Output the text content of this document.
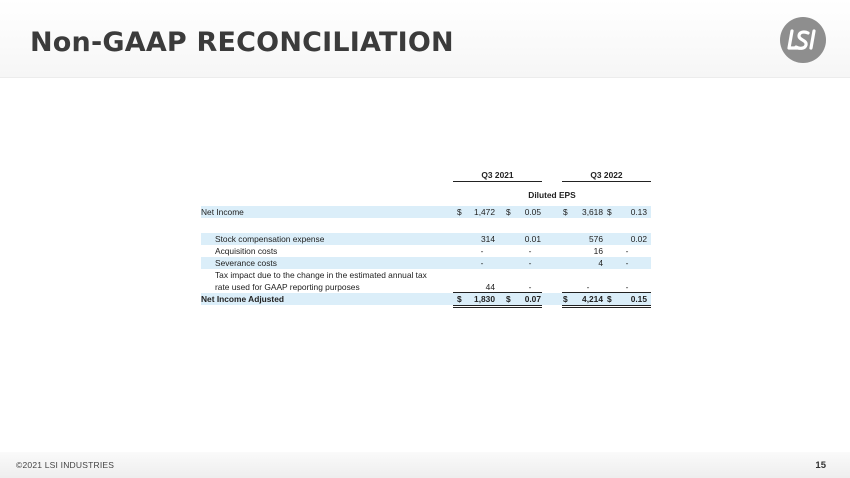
Non-GAAP RECONCILIATION
Q3 2021	Q3 2022
Diluted EPS
Net Income	$	1,472 $	0.05	$	3,618 $	0.13
Stock compensation expense	314	0.01	576	0.02
Acquisition costs	-	-	16	-
Severance costs	-	-	4	-
Tax impact due to the change in the estimated annual tax
rate used for GAAP reporting purposes	44	-	-	-
Net Income Adjusted	$	1,830 $	0.07	$	4,214 $	0.15
©2021 LSI INDUSTRIES	15
